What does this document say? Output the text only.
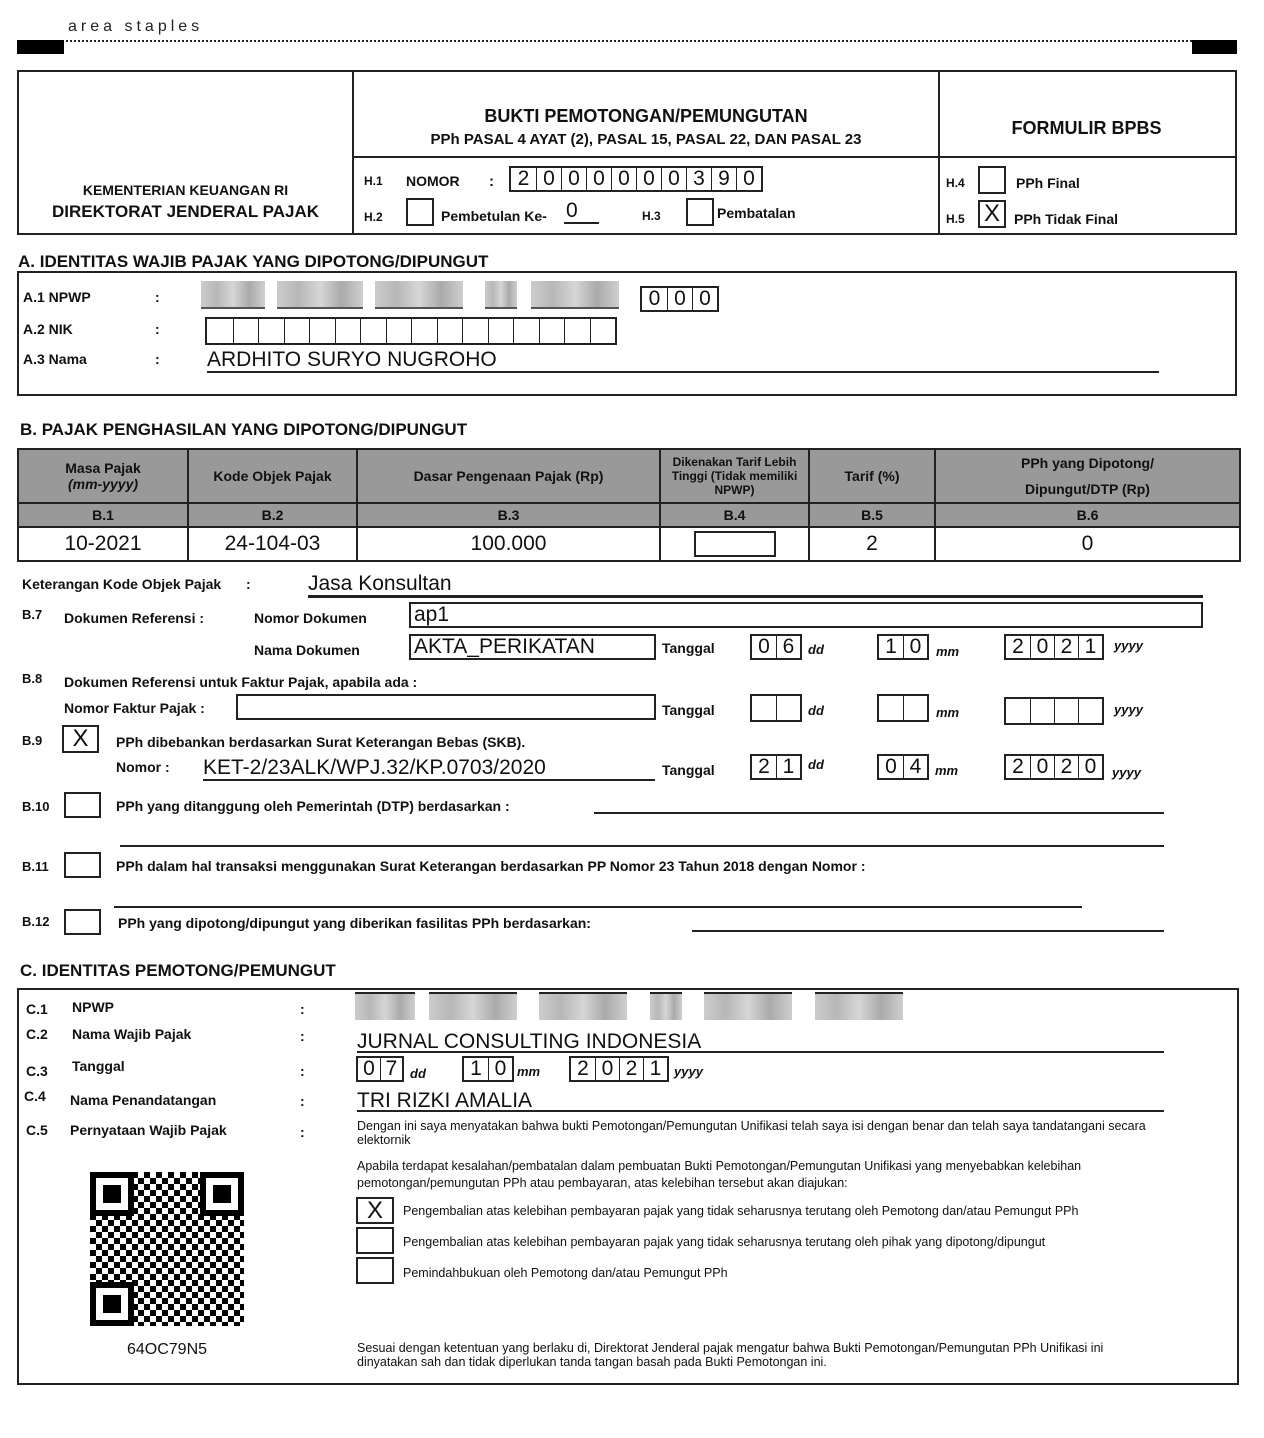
area staples
KEMENTERIAN KEUANGAN RI
DIREKTORAT JENDERAL PAJAK
BUKTI PEMOTONGAN/PEMUNGUTAN
PPh PASAL 4 AYAT (2), PASAL 15, PASAL 22, DAN PASAL 23
H.1 NOMOR :	2 0 0 0 0 0 0 3 9 0
H.2	Pembetulan Ke- 0	H.3	Pembatalan
FORMULIR BPBS
H.4	PPh Final
H.5 X	PPh Tidak Final
A. IDENTITAS WAJIB PAJAK YANG DIPOTONG/DIPUNGUT
A.1 NPWP	:	0 0 0
A.2 NIK	:
A.3 Nama	: ARDHITO SURYO NUGROHO
B. PAJAK PENGHASILAN YANG DIPOTONG/DIPUNGUT
Masa Pajak
(mm-yyyy)	Kode Objek Pajak	Dasar Pengenaan Pajak (Rp)	Dikenakan Tarif Lebih Tinggi (Tidak memiliki NPWP)	Tarif (%)	PPh yang Dipotong/ Dipungut/DTP (Rp)
B.1	B.2	B.3	B.4	B.5	B.6
10-2021	24-104-03	100.000		2	0
Keterangan Kode Objek Pajak :	Jasa Konsultan
B.7 Dokumen Referensi :	Nomor Dokumen ap1
Nama Dokumen	AKTA_PERIKATAN	Tanggal 0 6	dd	1 0	mm	2 0 2 1	yyyy
B.8 Dokumen Referensi untuk Faktur Pajak, apabila ada :
Nomor Faktur Pajak :	Tanggal	dd	mm	yyyy
B.9	X	PPh dibebankan berdasarkan Surat Keterangan Bebas (SKB).
Nomor : KET-2/23ALK/WPJ.32/KP.0703/2020	Tanggal 2 1	dd	0 4	mm	2 0 2 0	yyyy
B.10	PPh yang ditanggung oleh Pemerintah (DTP) berdasarkan :
B.11	PPh dalam hal transaksi menggunakan Surat Keterangan berdasarkan PP Nomor 23 Tahun 2018 dengan Nomor :
B.12	PPh yang dipotong/dipungut yang diberikan fasilitas PPh berdasarkan:
C. IDENTITAS PEMOTONG/PEMUNGUT
C.1 NPWP	:
C.2 Nama Wajib Pajak	: JURNAL CONSULTING INDONESIA
C.3 Tanggal	:	0 7 dd 1 0 mm 2 0 2 1 yyyy
C.4 Nama Penandatangan	: TRI RIZKI AMALIA
C.5 Pernyataan Wajib Pajak	:	Dengan ini saya menyatakan bahwa bukti Pemotongan/Pemungutan Unifikasi telah saya isi dengan benar dan telah saya tandatangani secara elektornik
Apabila terdapat kesalahan/pembatalan dalam pembuatan Bukti Pemotongan/Pemungutan Unifikasi yang menyebabkan kelebihan pemotongan/pemungutan PPh atau pembayaran, atas kelebihan tersebut akan diajukan:
X	Pengembalian atas kelebihan pembayaran pajak yang tidak seharusnya terutang oleh Pemotong dan/atau Pemungut PPh
Pengembalian atas kelebihan pembayaran pajak yang tidak seharusnya terutang oleh pihak yang dipotong/dipungut
Pemindahbukuan oleh Pemotong dan/atau Pemungut PPh
64OC79N5	Sesuai dengan ketentuan yang berlaku di, Direktorat Jenderal pajak mengatur bahwa Bukti Pemotongan/Pemungutan PPh Unifikasi ini dinyatakan sah dan tidak diperlukan tanda tangan basah pada Bukti Pemotongan ini.
